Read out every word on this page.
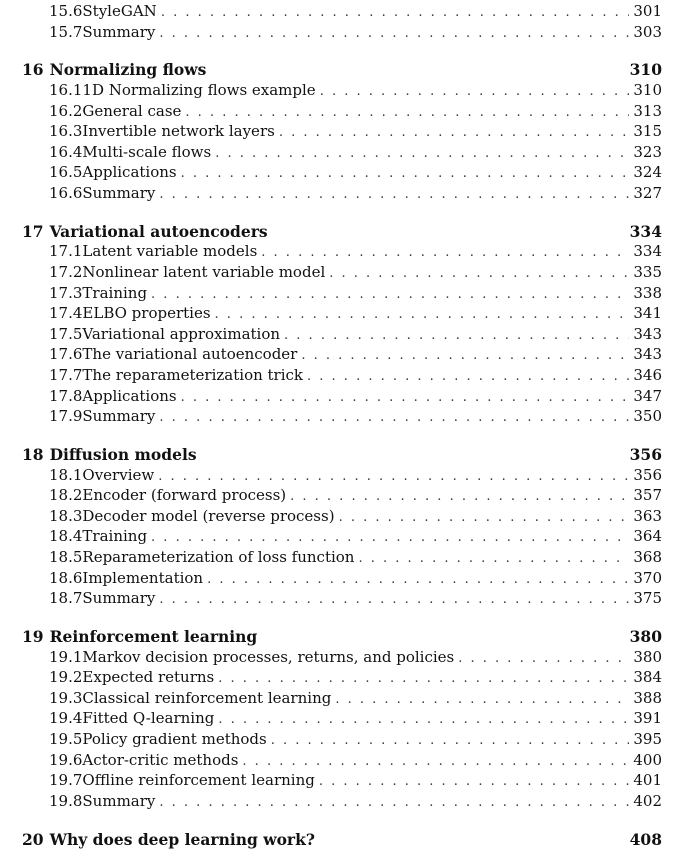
15.6 StyleGAN . . .	301
15.7 Summary . . .	303
16 Normalizing flows	310
16.1 1D Normalizing flows example . . .	310
16.2 General case . . .	313
16.3 Invertible network layers . . .	315
16.4 Multi-scale flows . . .	323
16.5 Applications . . .	324
16.6 Summary . . .	327
17 Variational autoencoders	334
17.1 Latent variable models . . .	334
17.2 Nonlinear latent variable model . . .	335
17.3 Training . . .	338
17.4 ELBO properties . . .	341
17.5 Variational approximation . . .	343
17.6 The variational autoencoder . . .	343
17.7 The reparameterization trick . . .	346
17.8 Applications . . .	347
17.9 Summary . . .	350
18 Diffusion models	356
18.1 Overview . . .	356
18.2 Encoder (forward process) . . .	357
18.3 Decoder model (reverse process) . . .	363
18.4 Training . . .	364
18.5 Reparameterization of loss function . . .	368
18.6 Implementation . . .	370
18.7 Summary . . .	375
19 Reinforcement learning	380
19.1 Markov decision processes, returns, and policies . . .	380
19.2 Expected returns . . .	384
19.3 Classical reinforcement learning . . .	388
19.4 Fitted Q-learning . . .	391
19.5 Policy gradient methods . . .	395
19.6 Actor-critic methods . . .	400
19.7 Offline reinforcement learning . . .	401
19.8 Summary . . .	402
20 Why does deep learning work?	408
